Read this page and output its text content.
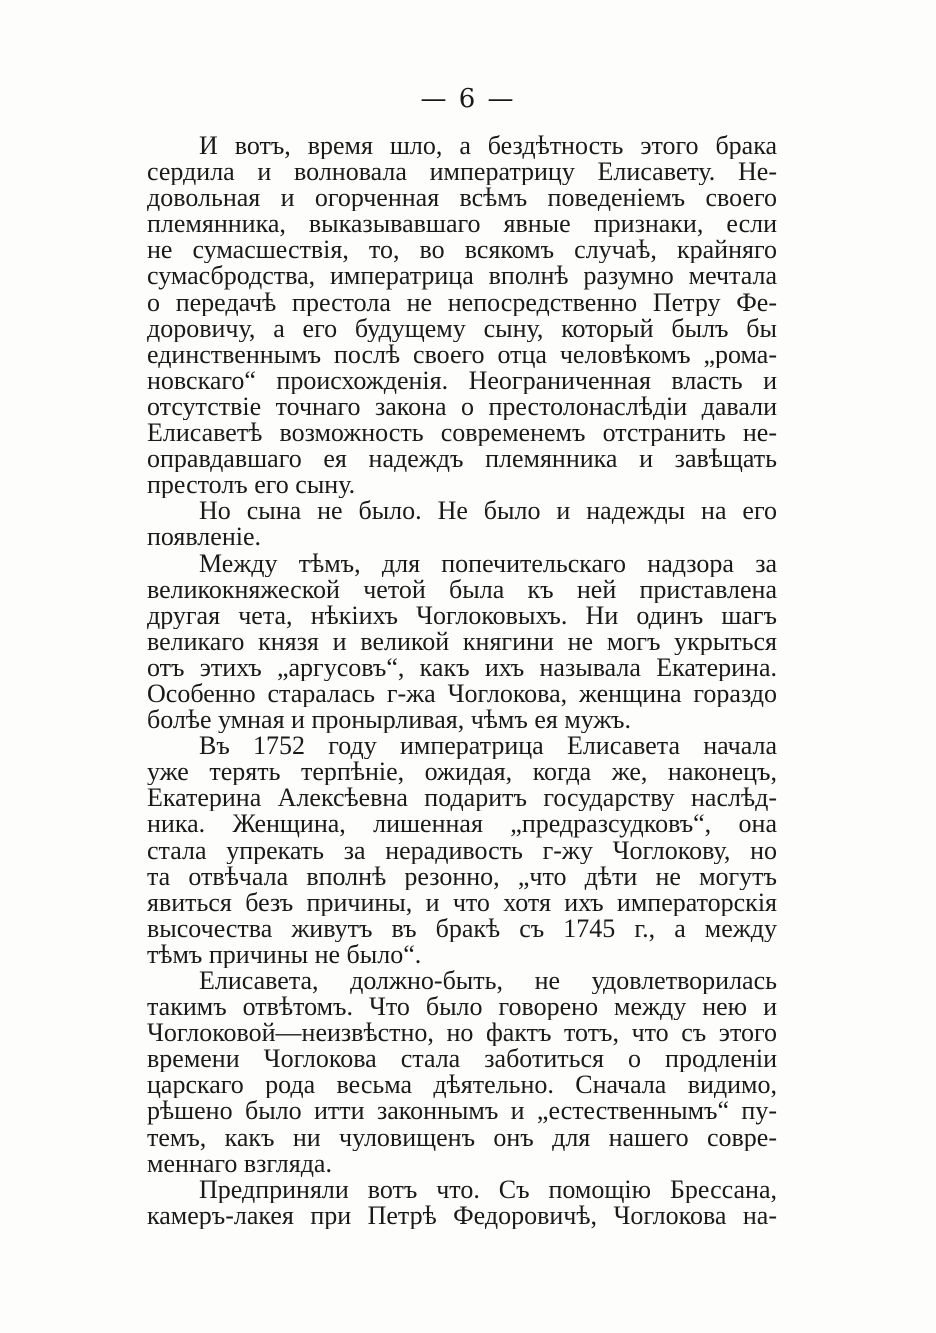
— 6 —
И вотъ, время шло, а бездѣтность этого брака
сердила и волновала императрицу Елисавету. Не-
довольная и огорченная всѣмъ поведеніемъ своего
племянника, выказывавшаго явные признаки, если
не сумасшествія, то, во всякомъ случаѣ, крайняго
сумасбродства, императрица вполнѣ разумно мечтала
о передачѣ престола не непосредственно Петру Фе-
доровичу, а его будущему сыну, который былъ бы
единственнымъ послѣ своего отца человѣкомъ „рома-
новскаго“ происхожденія. Неограниченная власть и
отсутствіе точнаго закона о престолонаслѣдіи давали
Елисаветѣ возможность современемъ отстранить не-
оправдавшаго ея надеждъ племянника и завѣщать
престолъ его сыну.
Но сына не было. Не было и надежды на его
появленіе.
Между тѣмъ, для попечительскаго надзора за
великокняжеской четой была къ ней приставлена
другая чета, нѣкіихъ Чоглоковыхъ. Ни одинъ шагъ
великаго князя и великой княгини не могъ укрыться
отъ этихъ „аргусовъ“, какъ ихъ называла Екатерина.
Особенно старалась г-жа Чоглокова, женщина гораздо
болѣе умная и пронырливая, чѣмъ ея мужъ.
Въ 1752 году императрица Елисавета начала
уже терять терпѣніе, ожидая, когда же, наконецъ,
Екатерина Алексѣевна подаритъ государству наслѣд-
ника. Женщина, лишенная „предразсудковъ“, она
стала упрекать за нерадивость г-жу Чоглокову, но
та отвѣчала вполнѣ резонно, „что дѣти не могутъ
явиться безъ причины, и что хотя ихъ императорскія
высочества живутъ въ бракѣ съ 1745 г., а между
тѣмъ причины не было“.
Елисавета, должно-быть, не удовлетворилась
такимъ отвѣтомъ. Что было говорено между нею и
Чоглоковой—неизвѣстно, но фактъ тотъ, что съ этого
времени Чоглокова стала заботиться о продленіи
царскаго рода весьма дѣятельно. Сначала видимо,
рѣшено было итти законнымъ и „естественнымъ“ пу-
темъ, какъ ни чуловищенъ онъ для нашего совре-
меннаго взгляда.
Предприняли вотъ что. Съ помощію Брессана,
камеръ-лакея при Петрѣ Федоровичѣ, Чоглокова на-
